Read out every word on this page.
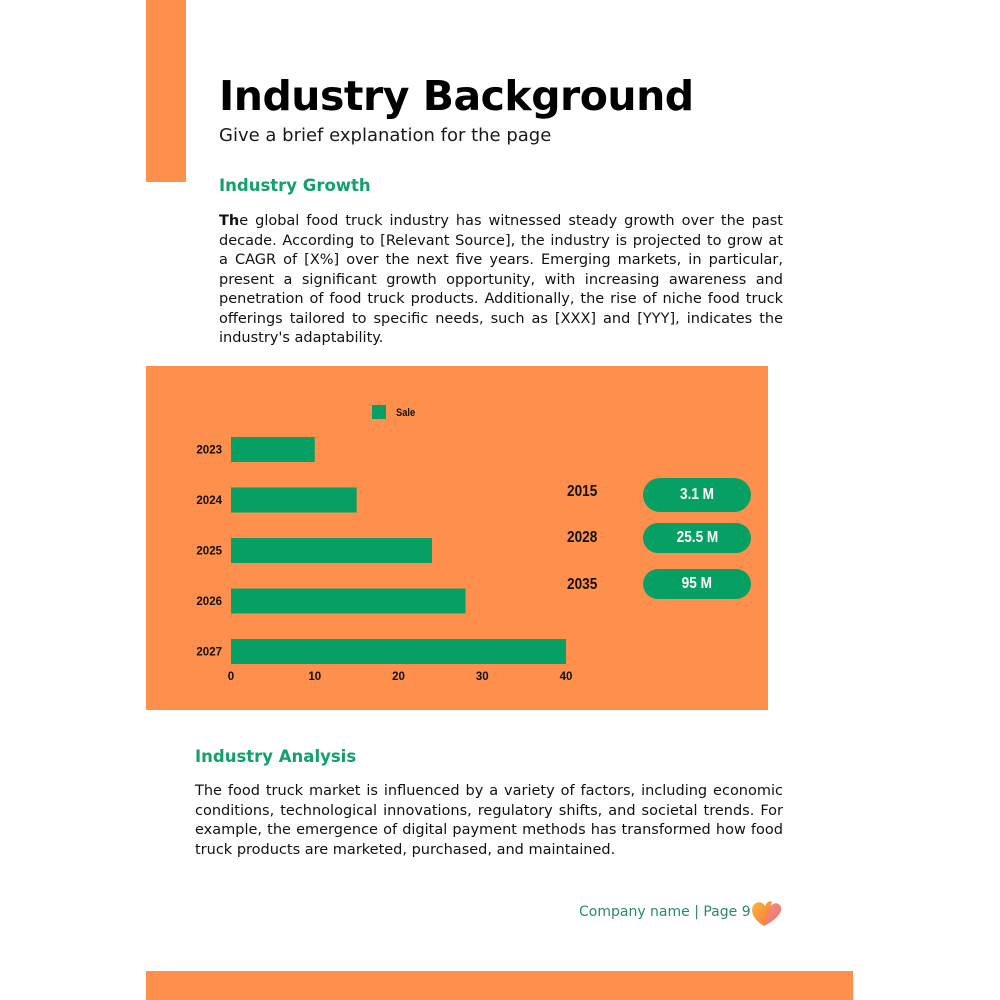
Industry Background

Give a brief explanation for the page

Industry Growth

The global food truck industry has witnessed steady growth over the past decade. According to [Relevant Source], the industry is projected to grow at a CAGR of [X%] over the next five years. Emerging markets, in particular, present a significant growth opportunity, with increasing awareness and penetration of food truck products. Additionally, the rise of niche food truck offerings tailored to specific needs, such as [XXX] and [YYY], indicates the industry's adaptability.

Sale
2023
2024
2025
2026
2027
0	10	20	30	40
2015	3.1 M
2028	25.5 M
2035	95 M
Industry Analysis

The food truck market is influenced by a variety of factors, including economic conditions, technological innovations, regulatory shifts, and societal trends. For example, the emergence of digital payment methods has transformed how food truck products are marketed, purchased, and maintained.

Company name | Page 9
